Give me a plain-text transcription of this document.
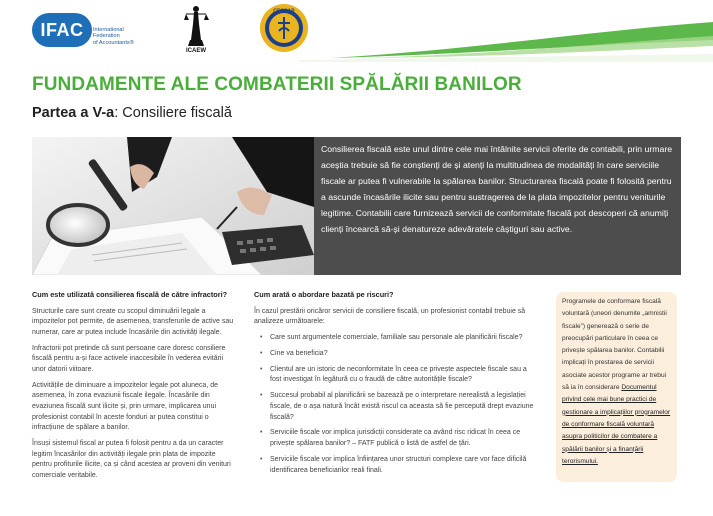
IFAC	International
Federation
of Accountants®
ICAEW
CECCAR
FUNDAMENTE ALE COMBATERII SPĂLĂRII BANILOR
Partea a V-a: Consiliere fiscală

Consilierea fiscală este unul dintre cele mai întâlnite servicii oferite de contabili, prin urmare aceștia trebuie să fie conștienți de și atenți la multitudinea de modalități în care serviciile fiscale ar putea fi vulnerabile la spălarea banilor. Structurarea fiscală poate fi folosită pentru a ascunde încasările ilicite sau pentru sustragerea de la plata impozitelor pentru veniturile legitime. Contabilii care furnizează servicii de conformitate fiscală pot descoperi că anumiți clienți încearcă să-și denatureze adevăratele câștiguri sau active.

Cum este utilizată consilierea fiscală de către infractori?

Structurile care sunt create cu scopul diminuării legale a impozitelor pot permite, de asemenea, transferurile de active sau numerar, care ar putea include încasările din activități ilegale.

Infractorii pot pretinde că sunt persoane care doresc consiliere fiscală pentru a-și face activele inaccesibile în vederea evitării unor datorii viitoare.

Activitățile de diminuare a impozitelor legale pot aluneca, de asemenea, în zona evaziunii fiscale ilegale. Încasările din evaziunea fiscală sunt ilicite și, prin urmare, implicarea unui profesionist contabil în aceste fonduri ar putea constitui o infracțiune de spălare a banilor.

Însuși sistemul fiscal ar putea fi folosit pentru a da un caracter legitim încasărilor din activități ilegale prin plata de impozite pentru profiturile ilicite, ca și când acestea ar proveni din venituri comerciale veritabile.

Cum arată o abordare bazată pe riscuri?

În cazul prestării oricăror servicii de consiliere fiscală, un profesionist contabil trebuie să analizeze următoarele:

• Care sunt argumentele comerciale, familiale sau personale ale planificării fiscale?
• Cine va beneficia?
• Clientul are un istoric de neconformitate în ceea ce privește aspectele fiscale sau a fost investigat în legătură cu o fraudă de către autoritățile fiscale?
• Succesul probabil al planificării se bazează pe o interpretare nerealistă a legislației fiscale, de o așa natură încât există riscul ca aceasta să fie percepută drept evaziune fiscală?
• Serviciile fiscale vor implica jurisdicții considerate ca având risc ridicat în ceea ce privește spălarea banilor? – FATF publică o listă de astfel de țări.
• Serviciile fiscale vor implica înființarea unor structuri complexe care vor face dificilă identificarea beneficiarilor reali finali.
Programele de conformare fiscală voluntară (uneori denumite „amnistii fiscale”) generează o serie de preocupări particulare în ceea ce privește spălarea banilor. Contabilii implicați în prestarea de servicii asociate acestor programe ar trebui să ia în considerare Documentul privind cele mai bune practici de gestionare a implicațiilor programelor de conformare fiscală voluntară asupra politicilor de combatere a spălării banilor și a finanțării terorismului.
